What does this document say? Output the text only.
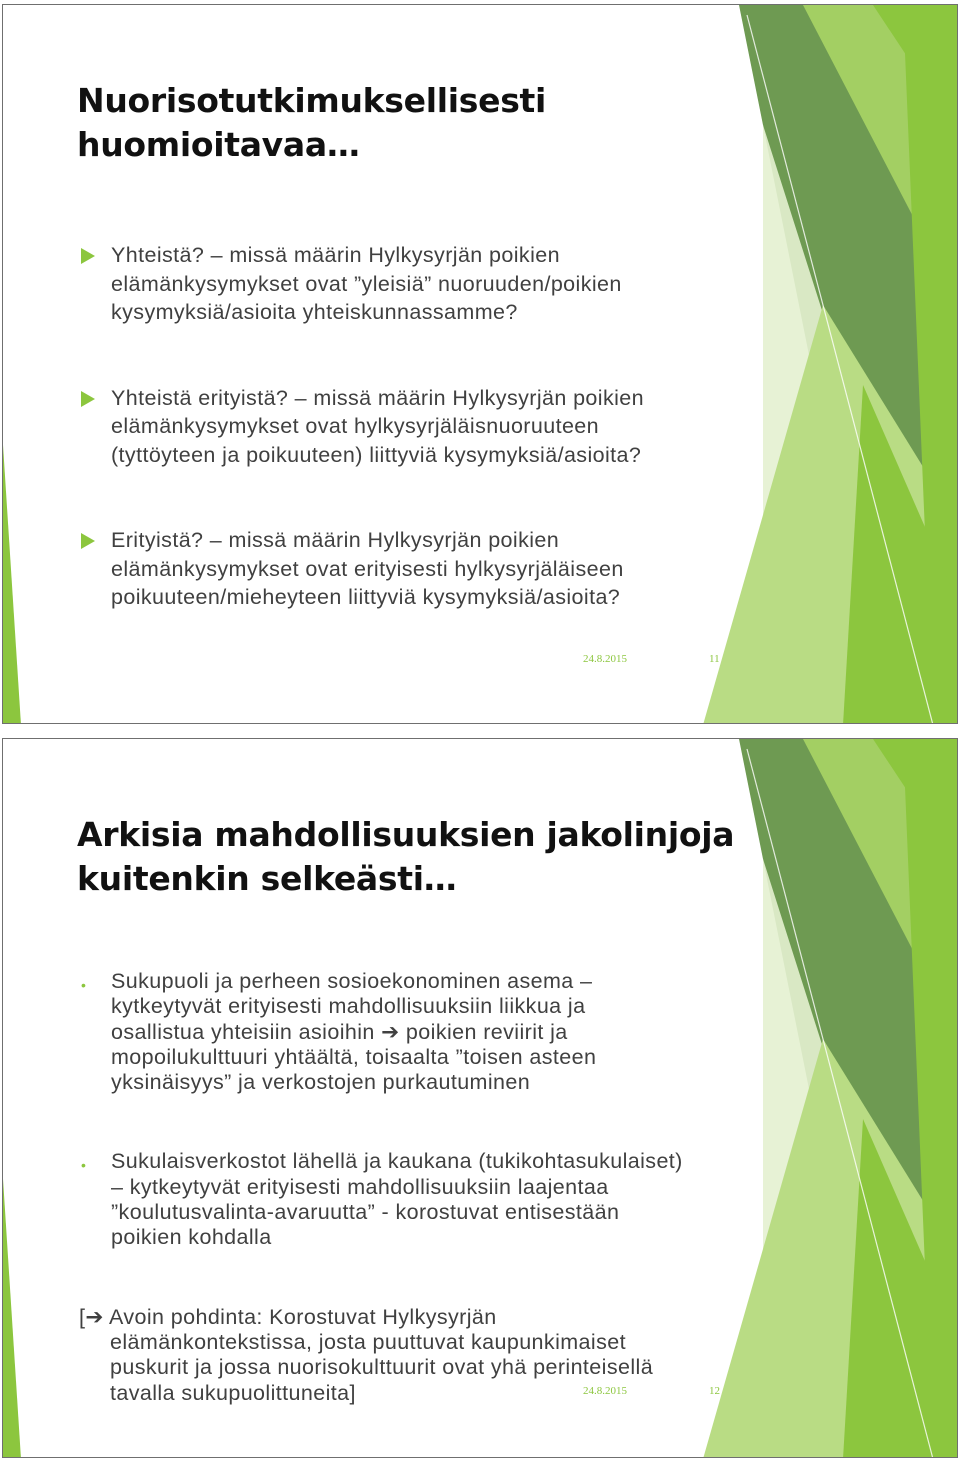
Nuorisotutkimuksellisesti
huomioitavaa…
Yhteistä? – missä määrin Hylkysyrjän poikien
elämänkysymykset ovat ”yleisiä” nuoruuden/poikien
kysymyksiä/asioita yhteiskunnassamme?
Yhteistä erityistä? – missä määrin Hylkysyrjän poikien
elämänkysymykset ovat hylkysyrjäläisnuoruuteen
(tyttöyteen ja poikuuteen) liittyviä kysymyksiä/asioita?
Erityistä? – missä määrin Hylkysyrjän poikien
elämänkysymykset ovat erityisesti hylkysyrjäläiseen
poikuuteen/mieheyteen liittyviä kysymyksiä/asioita?
24.8.2015	11
Arkisia mahdollisuuksien jakolinjoja
kuitenkin selkeästi…
• Sukupuoli ja perheen sosioekonominen asema –
kytkeytyvät erityisesti mahdollisuuksiin liikkua ja
osallistua yhteisiin asioihin ➔ poikien reviirit ja
mopoilukulttuuri yhtäältä, toisaalta ”toisen asteen
yksinäisyys” ja verkostojen purkautuminen
• Sukulaisverkostot lähellä ja kaukana (tukikohtasukulaiset)
– kytkeytyvät erityisesti mahdollisuuksiin laajentaa
”koulutusvalinta-avaruutta” - korostuvat entisestään
poikien kohdalla
[➔ Avoin pohdinta: Korostuvat Hylkysyrjän
elämänkontekstissa, josta puuttuvat kaupunkimaiset
puskurit ja jossa nuorisokulttuurit ovat yhä perinteisellä
tavalla sukupuolittuneita]	24.8.2015	12
